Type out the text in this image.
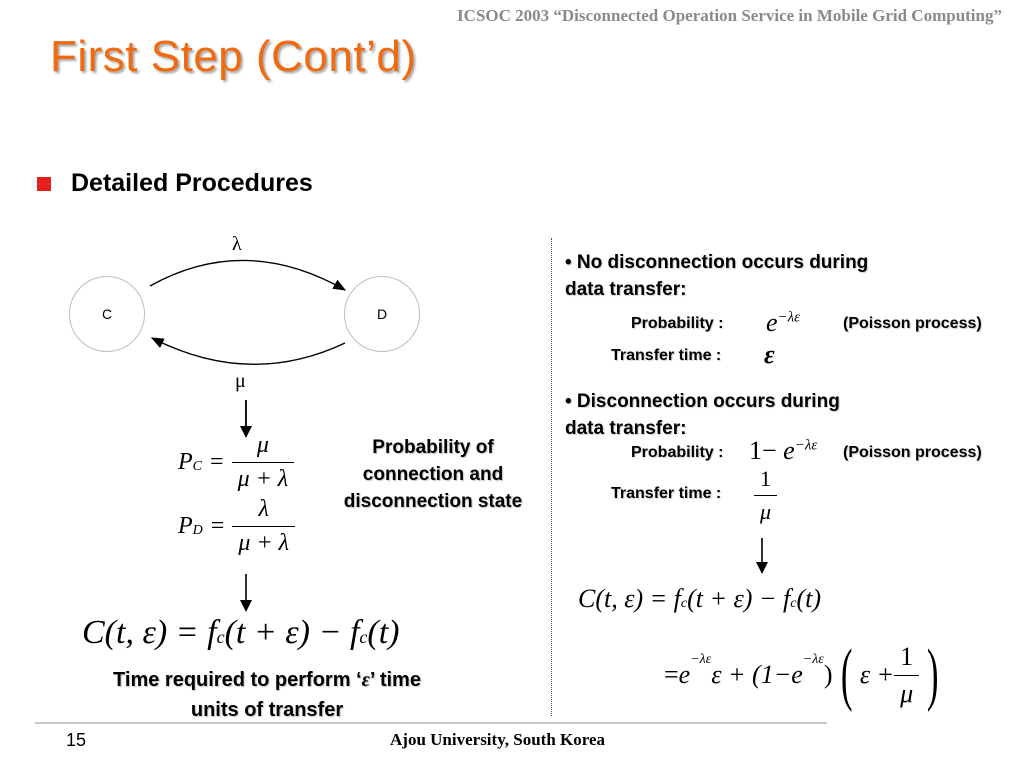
ICSOC 2003 “Disconnected Operation Service in Mobile Grid Computing”
First Step (Cont’d)
Detailed Procedures
C	D
λ
μ
P $C = \frac{\mu}{\mu + \lambda}$
P $D = \frac{\lambda}{\mu + \lambda}$
Probability of
connection and
disconnection state
C(t, ε) = fc(t + ε) − fc(t)
Time required to perform ‘ε’ time
units of transfer
• No disconnection occurs during
data transfer:
Probability : $e^{-\lambda\varepsilon}$	(Poisson process)
Transfer time : ε
• Disconnection occurs during
data transfer:
Probability : $1- e^{-\lambda\varepsilon}$ (Poisson process)
Transfer time : $\frac{1}{\mu}$
C(t, ε) = fc(t + ε) − fc(t)
= e
$^{-\lambda\varepsilon}$
ε + (1− e
$^{-\lambda\varepsilon}$
) ( $\varepsilon + \frac{1}{\mu}$ )
15	Ajou University, South Korea
